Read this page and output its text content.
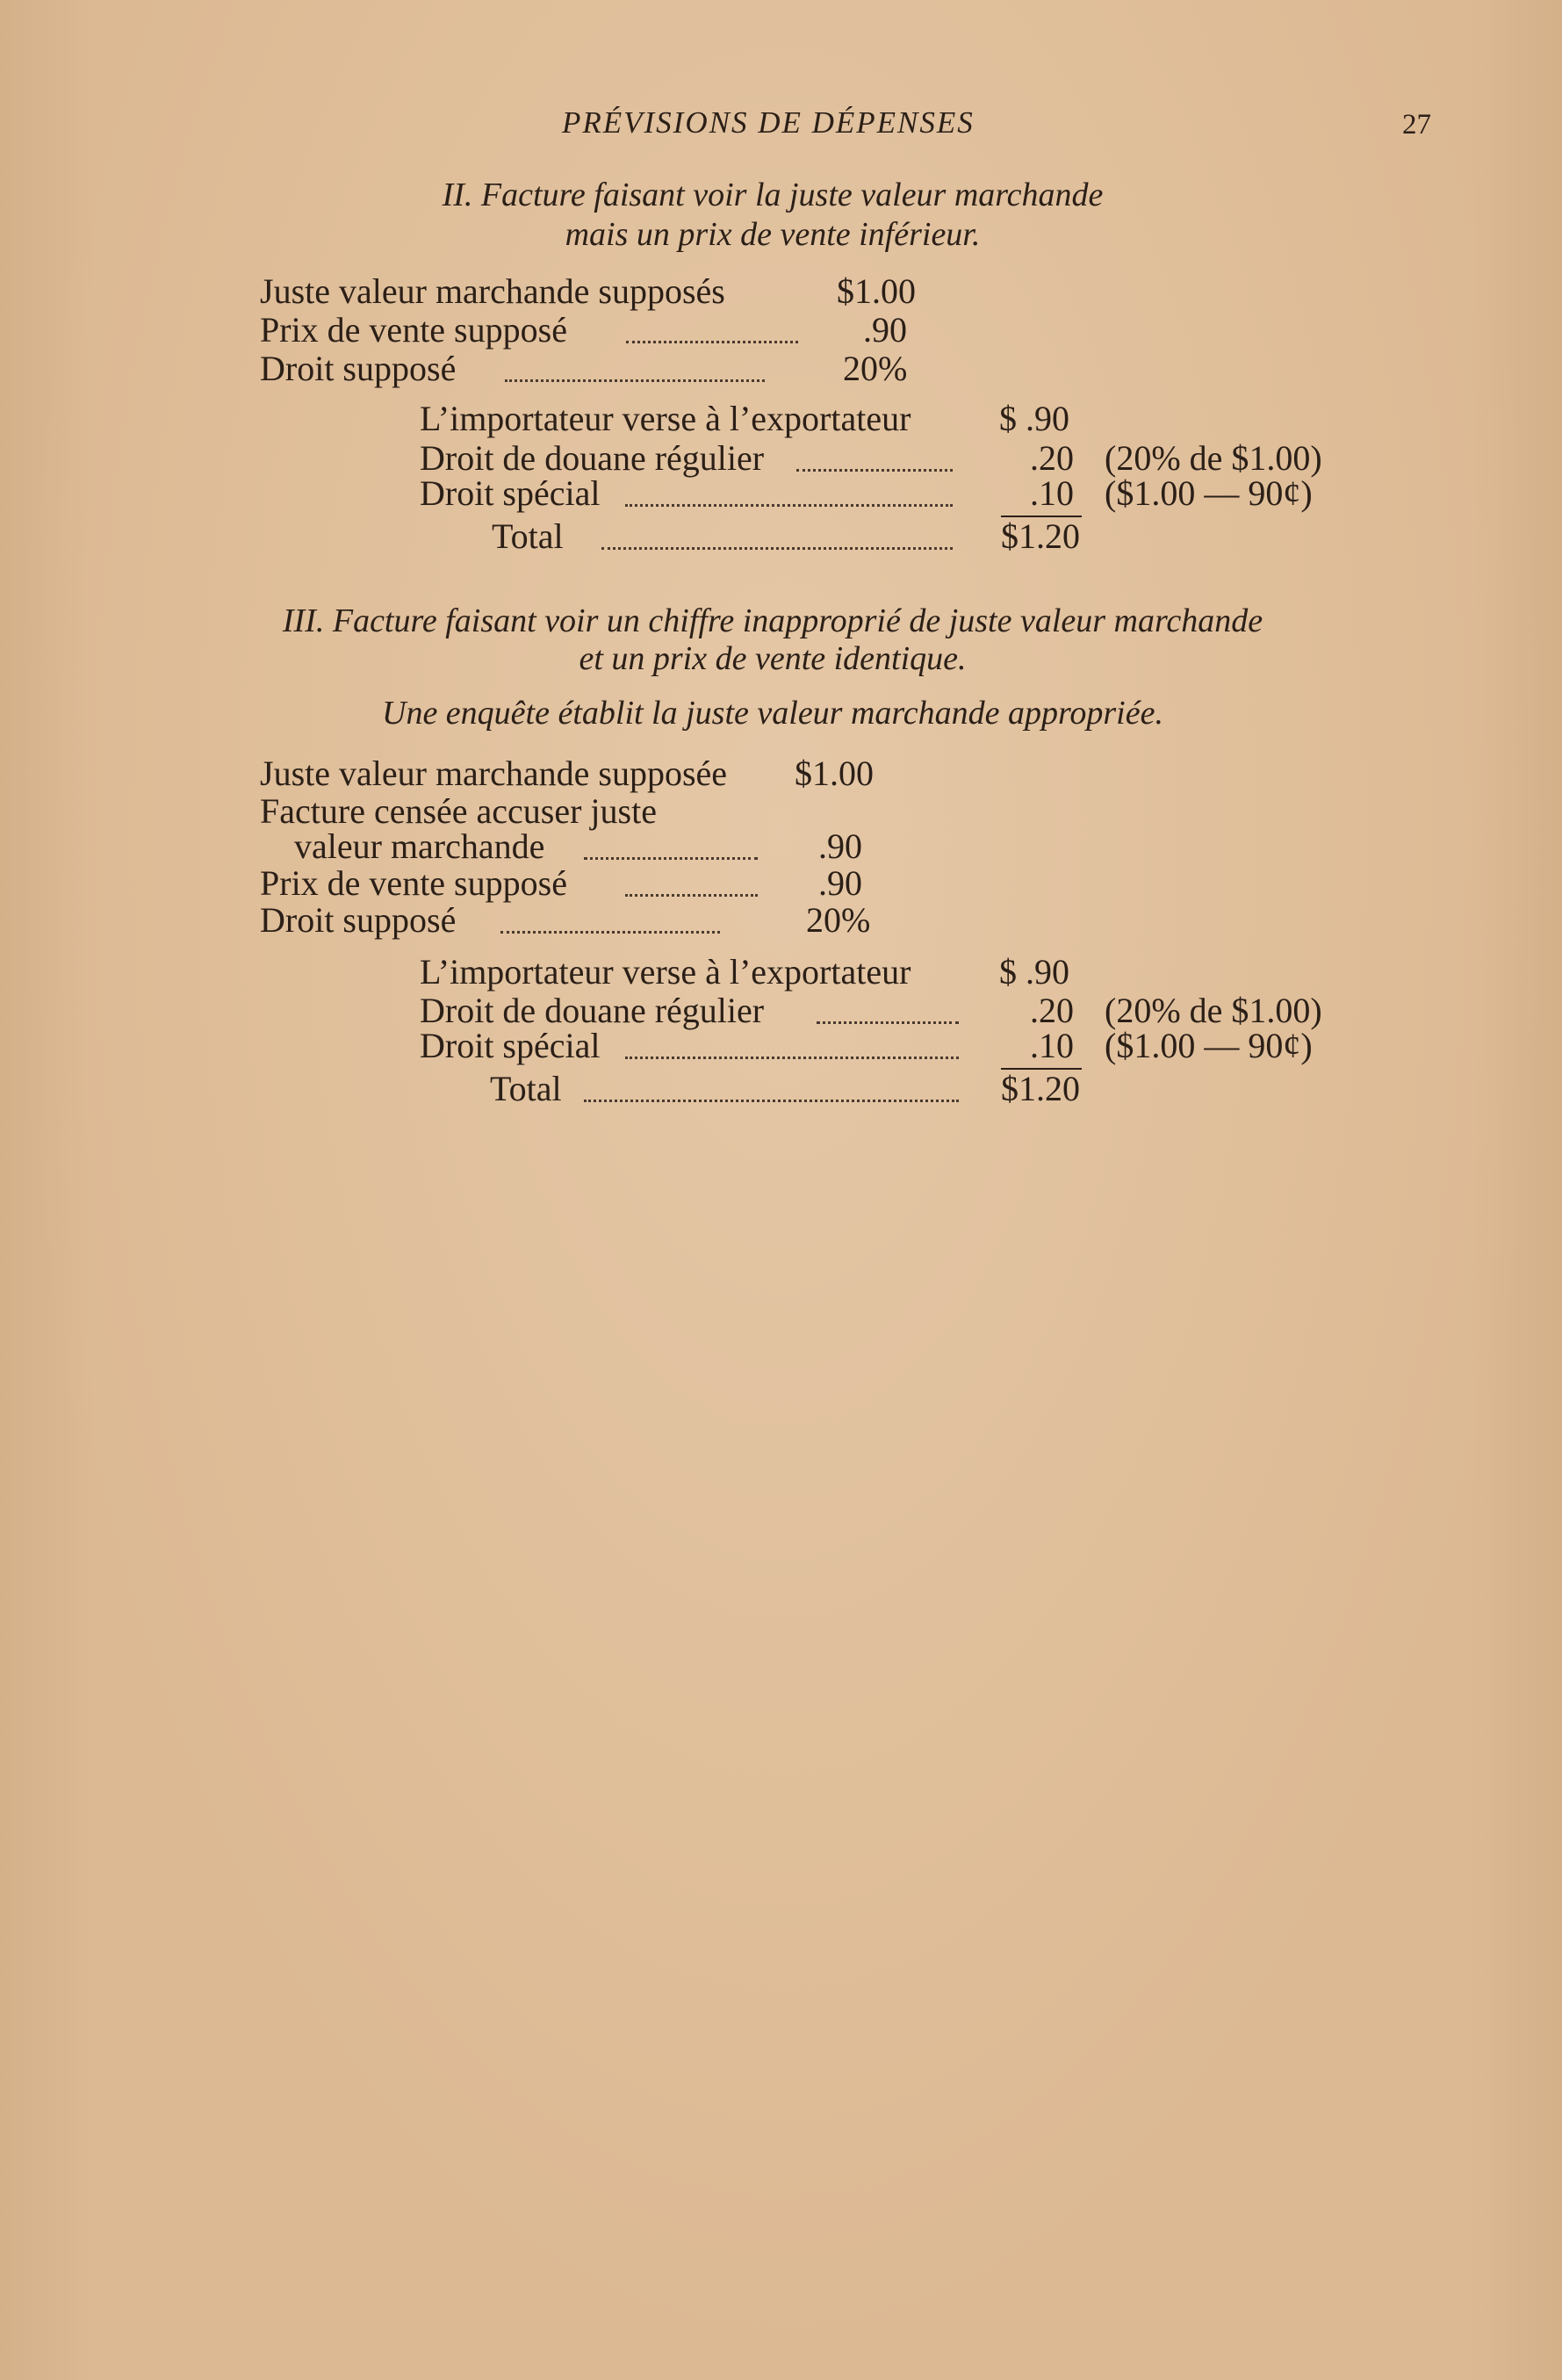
PRÉVISIONS DE DÉPENSES	27
II. Facture faisant voir la juste valeur marchande
mais un prix de vente inférieur.
Juste valeur marchande supposés	$1.00
Prix de vente supposé	.90
Droit supposé	20%
L’importateur verse à l’exportateur	$ .90
Droit de douane régulier	.20 (20% de $1.00)
Droit spécial	.10 ($1.00 — 90¢)
Total	$1.20
III. Facture faisant voir un chiffre inapproprié de juste valeur marchande
et un prix de vente identique.
Une enquête établit la juste valeur marchande appropriée.
Juste valeur marchande supposée $1.00
Facture censée accuser juste
valeur marchande	.90
Prix de vente supposé	.90
Droit supposé	20%
L’importateur verse à l’exportateur	$ .90
Droit de douane régulier	.20 (20% de $1.00)
Droit spécial	.10 ($1.00 — 90¢)
Total	$1.20
